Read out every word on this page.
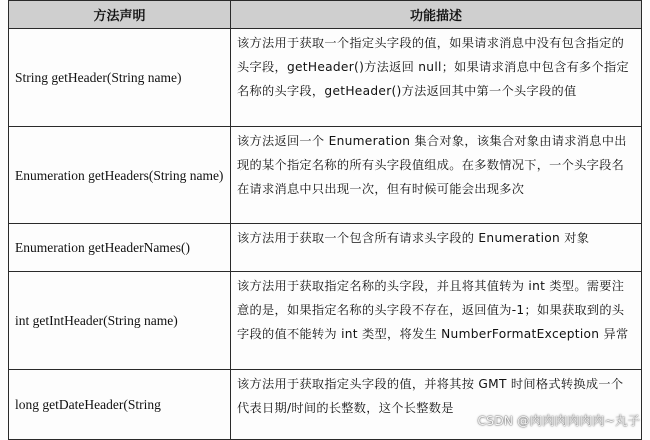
方法声明	功能描述
String getHeader(String name)	该方法用于获取一个指定头字段的值，如果请求消息中没有包含指定的头字段，getHeader()方法返回 null；如果请求消息中包含有多个指定名称的头字段，getHeader()方法返回其中第一个头字段的值
Enumeration getHeaders(String name)	该方法返回一个 Enumeration 集合对象，该集合对象由请求消息中出现的某个指定名称的所有头字段值组成。在多数情况下，一个头字段名在请求消息中只出现一次，但有时候可能会出现多次
Enumeration getHeaderNames()	该方法用于获取一个包含所有请求头字段的 Enumeration 对象
int getIntHeader(String name)	该方法用于获取指定名称的头字段，并且将其值转为 int 类型。需要注意的是，如果指定名称的头字段不存在，返回值为-1；如果获取到的头字段的值不能转为 int 类型，将发生 NumberFormatException 异常
long getDateHeader(String	该方法用于获取指定头字段的值，并将其按 GMT 时间格式转换成一个代表日期/时间的长整数，这个长整数是
CSDN @肉肉肉肉肉肉~丸子
